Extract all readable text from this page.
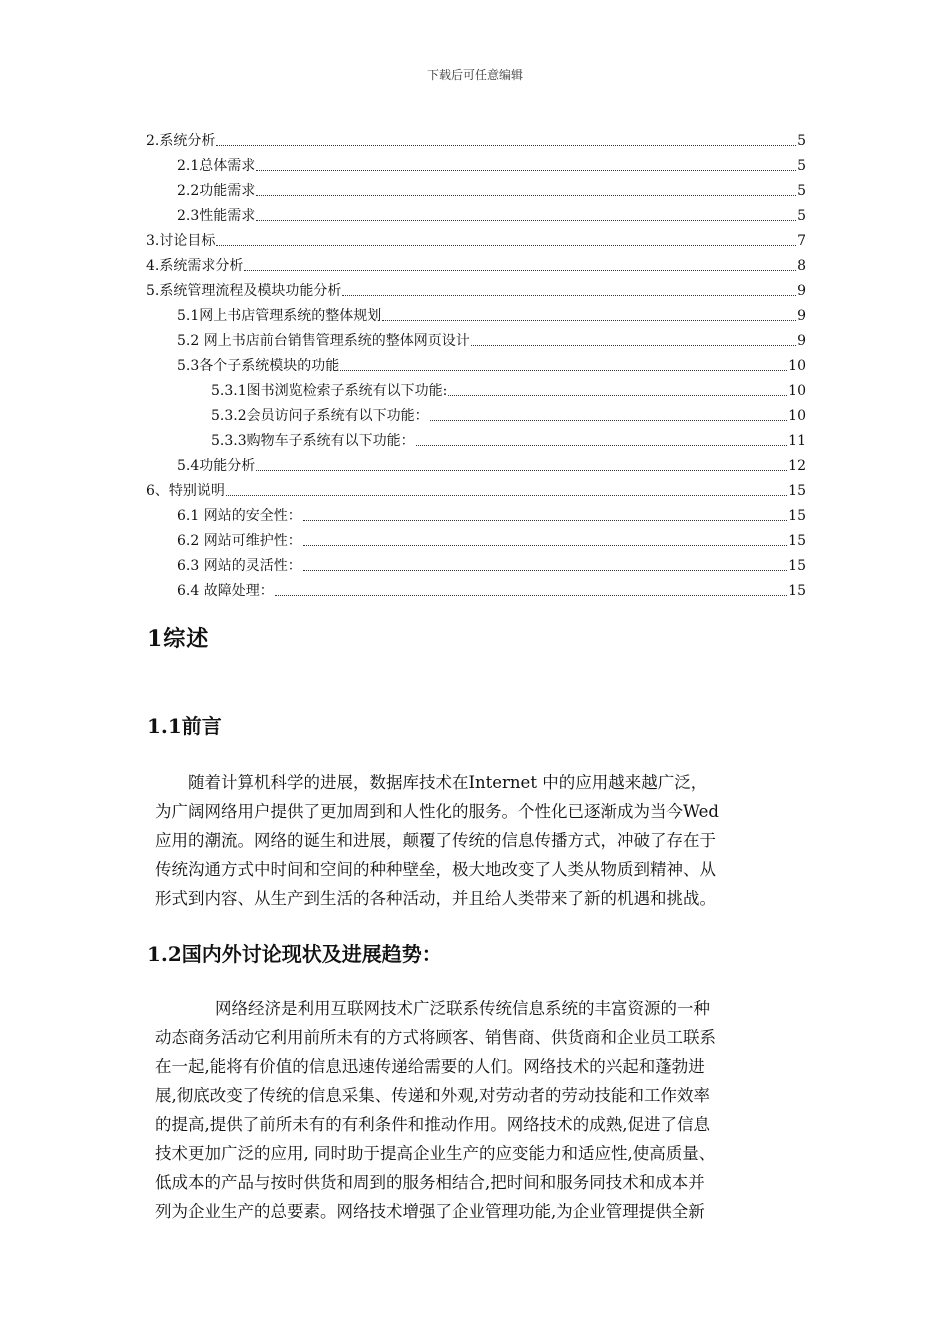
下载后可任意编辑
2.系统分析	5
2.1总体需求	5
2.2功能需求	5
2.3性能需求	5
3.讨论目标	7
4.系统需求分析	8
5.系统管理流程及模块功能分析	9
5.1网上书店管理系统的整体规划	9
5.2 网上书店前台销售管理系统的整体网页设计	9
5.3各个子系统模块的功能	10
5.3.1图书浏览检索子系统有以下功能:	10
5.3.2会员访问子系统有以下功能：	10
5.3.3购物车子系统有以下功能：	11
5.4功能分析	12
6、特别说明	15
6.1 网站的安全性：	15
6.2 网站可维护性：	15
6.3 网站的灵活性：	15
6.4 故障处理：	15
1综述
1.1前言

随着计算机科学的进展，数据库技术在Internet 中的应用越来越广泛，
为广阔网络用户提供了更加周到和人性化的服务。个性化已逐渐成为当今Wed
应用的潮流。网络的诞生和进展，颠覆了传统的信息传播方式，冲破了存在于
传统沟通方式中时间和空间的种种壁垒，极大地改变了人类从物质到精神、从
形式到内容、从生产到生活的各种活动，并且给人类带来了新的机遇和挑战。

1.2国内外讨论现状及进展趋势：

网络经济是利用互联网技术广泛联系传统信息系统的丰富资源的一种
动态商务活动它利用前所未有的方式将顾客、销售商、供货商和企业员工联系
在一起,能将有价值的信息迅速传递给需要的人们。网络技术的兴起和蓬勃进
展,彻底改变了传统的信息采集、传递和外观,对劳动者的劳动技能和工作效率
的提高,提供了前所未有的有利条件和推动作用。网络技术的成熟,促进了信息
技术更加广泛的应用, 同时助于提高企业生产的应变能力和适应性,使高质量、
低成本的产品与按时供货和周到的服务相结合,把时间和服务同技术和成本并
列为企业生产的总要素。网络技术增强了企业管理功能,为企业管理提供全新
